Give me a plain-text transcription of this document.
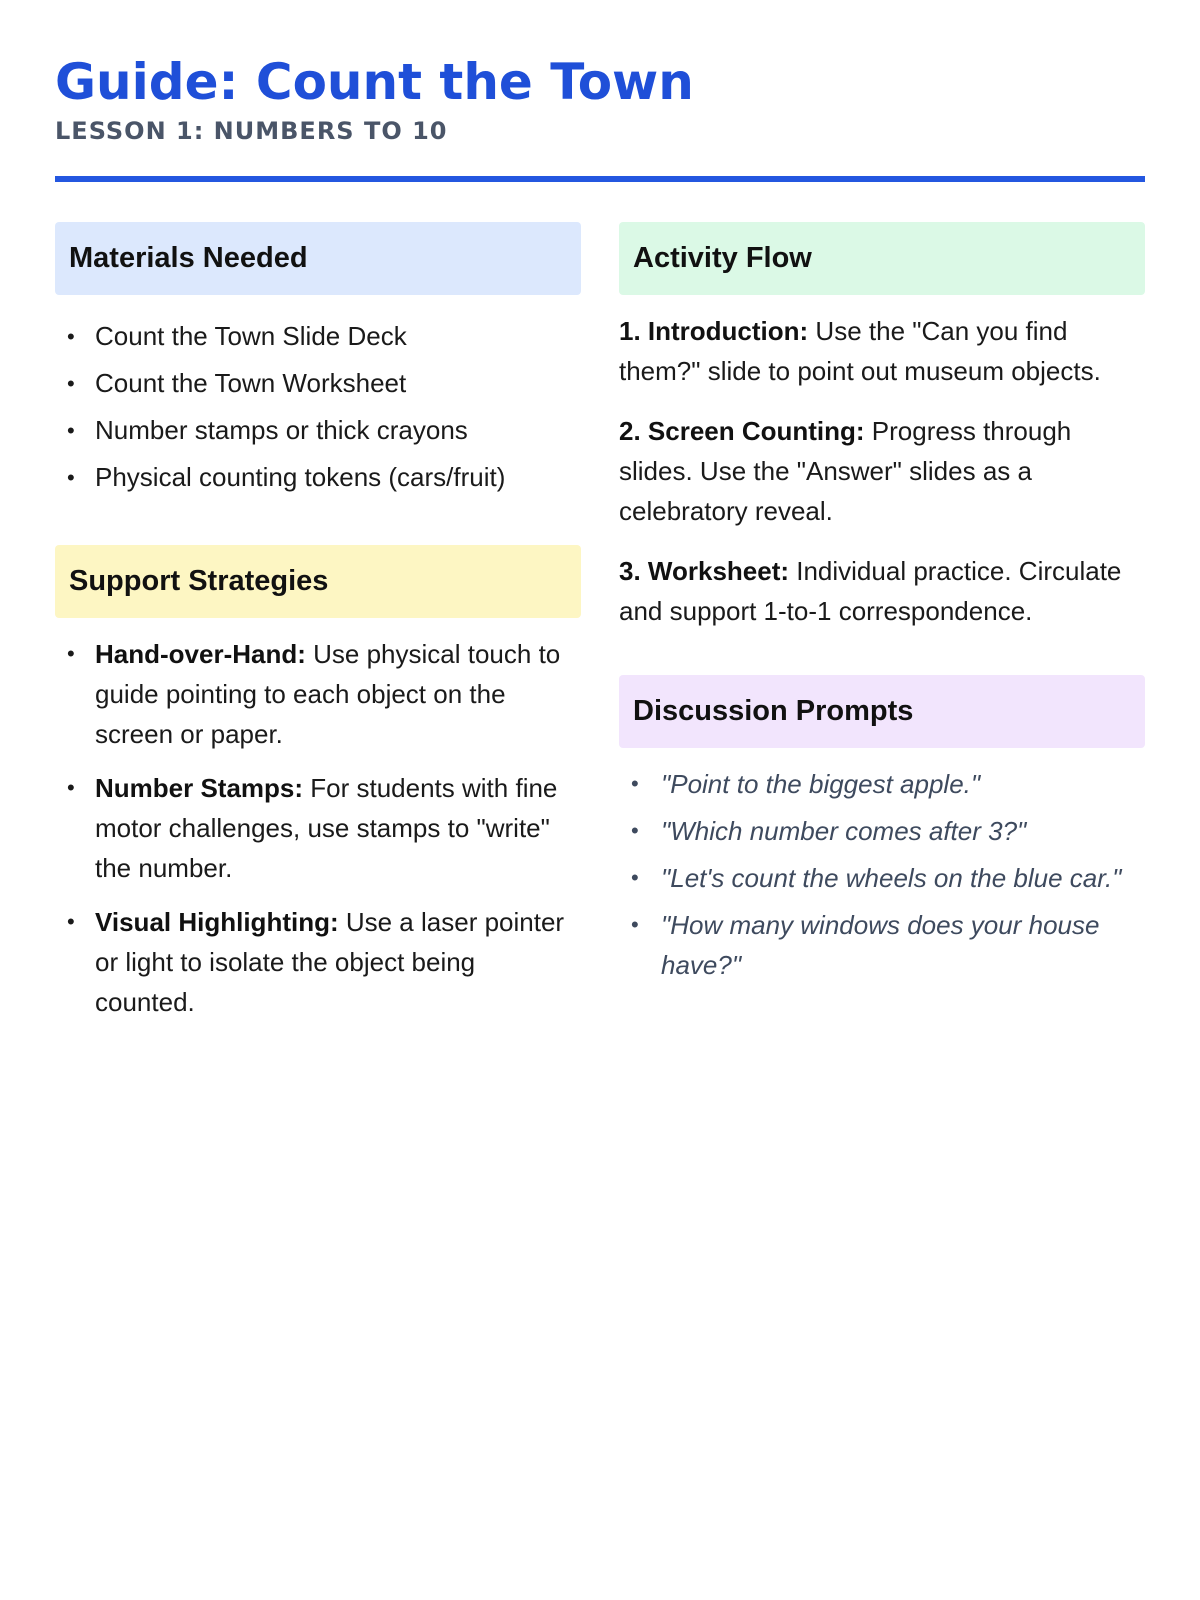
Guide: Count the Town
LESSON 1: NUMBERS TO 10
Materials Needed
• Count the Town Slide Deck
• Count the Town Worksheet
• Number stamps or thick crayons
• Physical counting tokens (cars/fruit)
Support Strategies
• Hand-over-Hand: Use physical touch to guide pointing to each object on the screen or paper.
• Number Stamps: For students with fine motor challenges, use stamps to "write" the number.
• Visual Highlighting: Use a laser pointer or light to isolate the object being counted.
Activity Flow

1. Introduction: Use the "Can you find them?" slide to point out museum objects.

2. Screen Counting: Progress through slides. Use the "Answer" slides as a celebratory reveal.

3. Worksheet: Individual practice. Circulate and support 1-to-1 correspondence.

Discussion Prompts
• "Point to the biggest apple."
• "Which number comes after 3?"
• "Let's count the wheels on the blue car."
• "How many windows does your house have?"
